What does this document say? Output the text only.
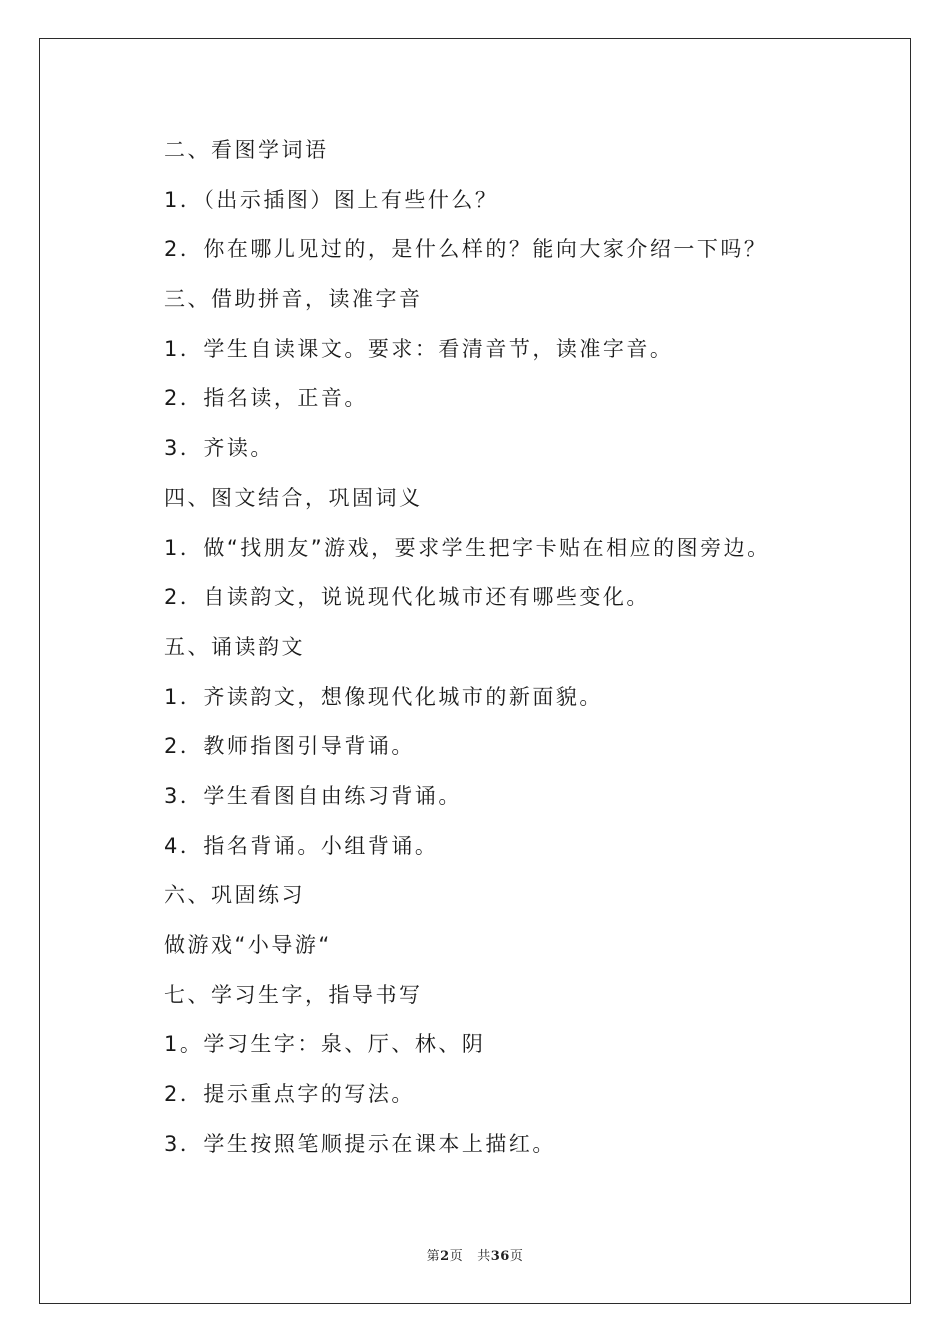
二、看图学词语
1．（出示插图）图上有些什么？
2．你在哪儿见过的，是什么样的？能向大家介绍一下吗？
三、借助拼音，读准字音
1．学生自读课文。要求：看清音节，读准字音。
2．指名读，正音。
3．齐读。
四、图文结合，巩固词义
1．做“找朋友”游戏，要求学生把字卡贴在相应的图旁边。
2．自读韵文，说说现代化城市还有哪些变化。
五、诵读韵文
1．齐读韵文，想像现代化城市的新面貌。
2．教师指图引导背诵。
3．学生看图自由练习背诵。
4．指名背诵。小组背诵。
六、巩固练习
做游戏“小导游“
七、学习生字，指导书写
1。学习生字：泉、厅、林、阴
2．提示重点字的写法。
3．学生按照笔顺提示在课本上描红。
第2页 共36页
